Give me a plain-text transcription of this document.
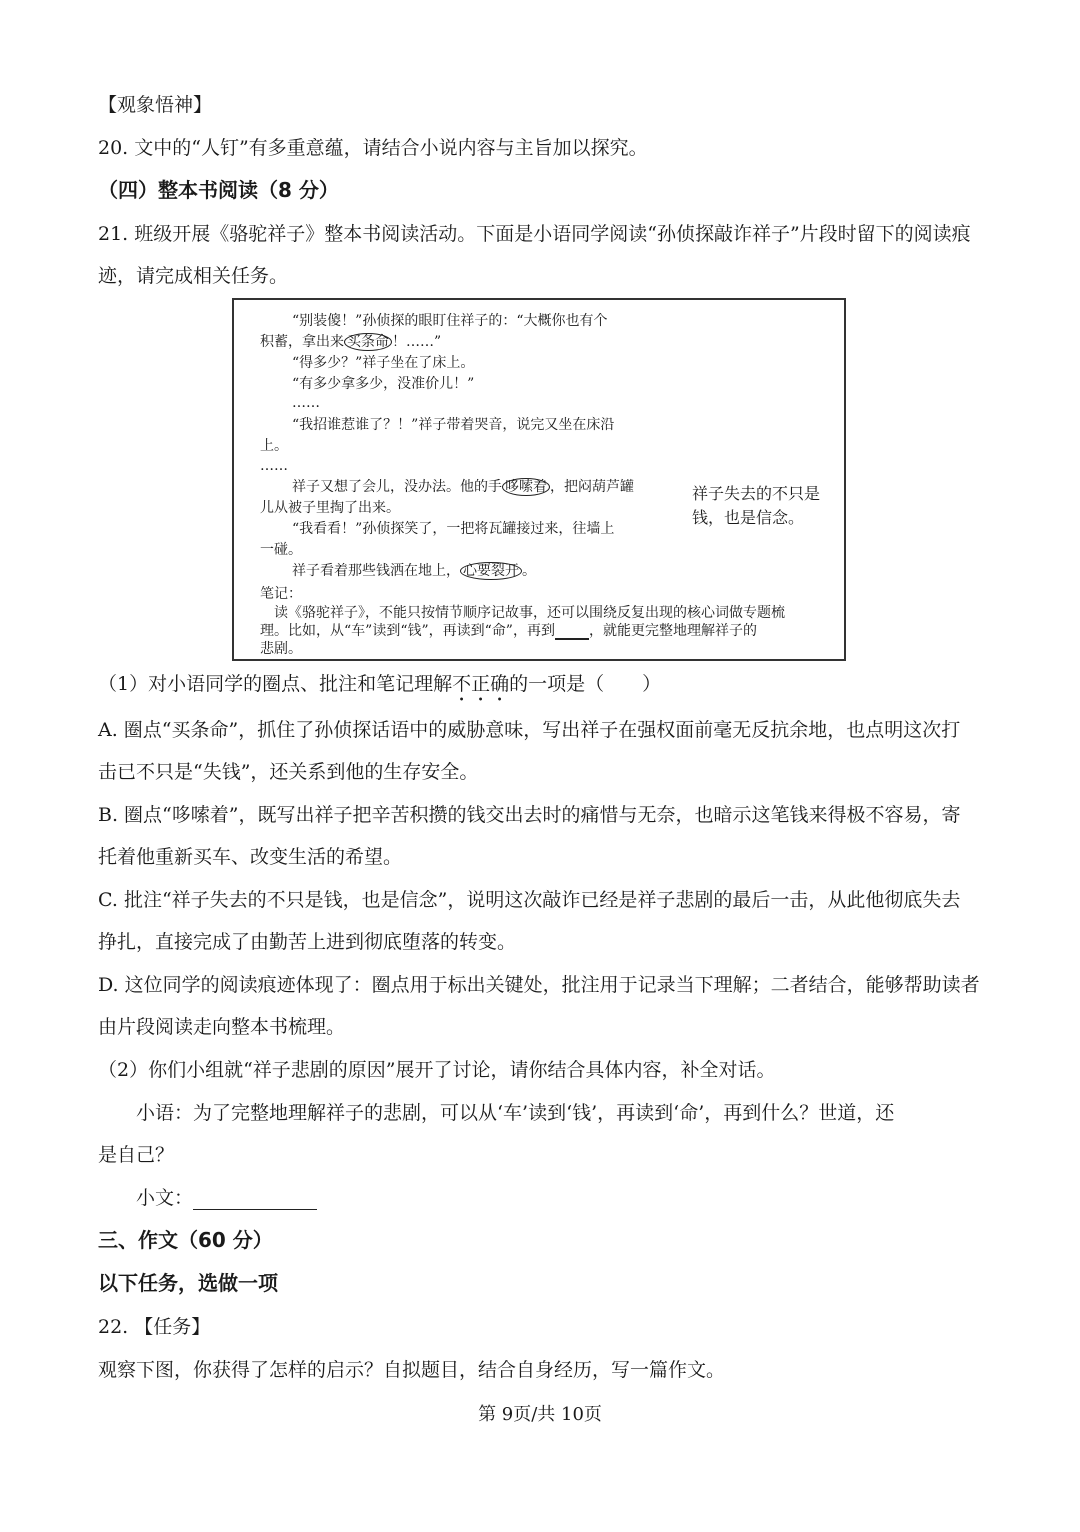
【观象悟神】
20. 文中的“人钉”有多重意蕴，请结合小说内容与主旨加以探究。
（四）整本书阅读（8 分）
21. 班级开展《骆驼祥子》整本书阅读活动。下面是小语同学阅读“孙侦探敲诈祥子”片段时留下的阅读痕
迹，请完成相关任务。
“别装傻！”孙侦探的眼盯住祥子的：“大概你也有个
积蓄，拿出来 买条命 ！……”
“得多少？”祥子坐在了床上。
“有多少拿多少，没准价儿！”
……
“我招谁惹谁了？！”祥子带着哭音，说完又坐在床沿
上。
……
祥子又想了会儿，没办法。他的手 哆嗦着 ，把闷葫芦罐
儿从被子里掏了出来。
“我看看！”孙侦探笑了，一把将瓦罐接过来，往墙上
一碰。
祥子看着那些钱洒在地上， 心要裂开 。
祥子失去的不只是钱，也是信念。
笔记：
读《骆驼祥子》，不能只按情节顺序记故事，还可以围绕反复出现的核心词做专题梳
理。比如，从“车”读到“钱”，再读到“命”，再到 ，就能更完整地理解祥子的
悲剧。
（1）对小语同学的圈点、批注和笔记理解不正确的一项是（　　）
A. 圈点“买条命”，抓住了孙侦探话语中的威胁意味，写出祥子在强权面前毫无反抗余地，也点明这次打
击已不只是“失钱”，还关系到他的生存安全。
B. 圈点“哆嗦着”，既写出祥子把辛苦积攒的钱交出去时的痛惜与无奈，也暗示这笔钱来得极不容易，寄
托着他重新买车、改变生活的希望。
C. 批注“祥子失去的不只是钱，也是信念”，说明这次敲诈已经是祥子悲剧的最后一击，从此他彻底失去
挣扎，直接完成了由勤苦上进到彻底堕落的转变。
D. 这位同学的阅读痕迹体现了：圈点用于标出关键处，批注用于记录当下理解；二者结合，能够帮助读者
由片段阅读走向整本书梳理。
（2）你们小组就“祥子悲剧的原因”展开了讨论，请你结合具体内容，补全对话。
小语：为了完整地理解祥子的悲剧，可以从‘车’读到‘钱’，再读到‘命’，再到什么？世道，还
是自己？
小文：
三、作文（60 分）
以下任务，选做一项
22. 【任务】
观察下图，你获得了怎样的启示？自拟题目，结合自身经历，写一篇作文。
第 9页/共 10页
